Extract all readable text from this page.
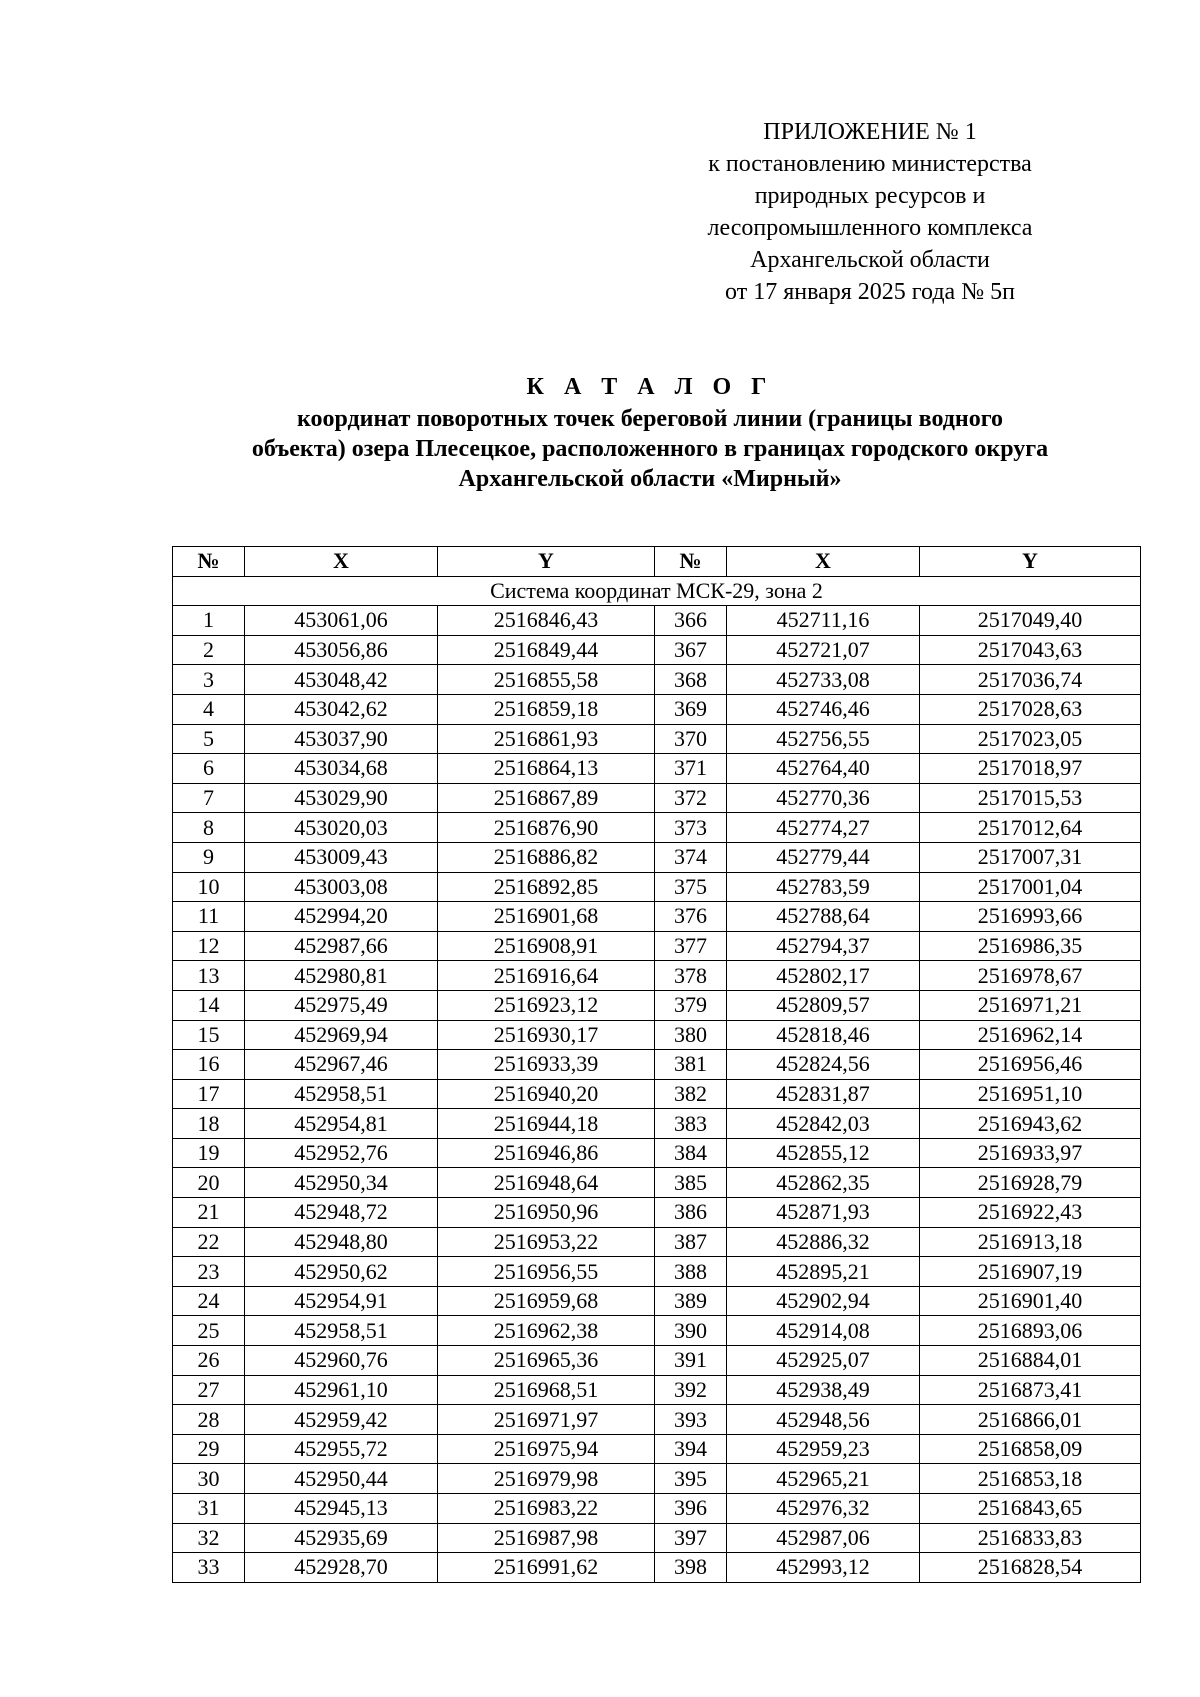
ПРИЛОЖЕНИЕ № 1
к постановлению министерства
природных ресурсов и
лесопромышленного комплекса
Архангельской области
от 17 января 2025 года № 5п
К А Т А Л О Г
координат поворотных точек береговой линии (границы водного
объекта) озера Плесецкое, расположенного в границах городского округа
Архангельской области «Мирный»
№	X	Y	№	X	Y
Система координат МСК-29, зона 2					
1	453061,06	2516846,43	366	452711,16	2517049,40
2	453056,86	2516849,44	367	452721,07	2517043,63
3	453048,42	2516855,58	368	452733,08	2517036,74
4	453042,62	2516859,18	369	452746,46	2517028,63
5	453037,90	2516861,93	370	452756,55	2517023,05
6	453034,68	2516864,13	371	452764,40	2517018,97
7	453029,90	2516867,89	372	452770,36	2517015,53
8	453020,03	2516876,90	373	452774,27	2517012,64
9	453009,43	2516886,82	374	452779,44	2517007,31
10	453003,08	2516892,85	375	452783,59	2517001,04
11	452994,20	2516901,68	376	452788,64	2516993,66
12	452987,66	2516908,91	377	452794,37	2516986,35
13	452980,81	2516916,64	378	452802,17	2516978,67
14	452975,49	2516923,12	379	452809,57	2516971,21
15	452969,94	2516930,17	380	452818,46	2516962,14
16	452967,46	2516933,39	381	452824,56	2516956,46
17	452958,51	2516940,20	382	452831,87	2516951,10
18	452954,81	2516944,18	383	452842,03	2516943,62
19	452952,76	2516946,86	384	452855,12	2516933,97
20	452950,34	2516948,64	385	452862,35	2516928,79
21	452948,72	2516950,96	386	452871,93	2516922,43
22	452948,80	2516953,22	387	452886,32	2516913,18
23	452950,62	2516956,55	388	452895,21	2516907,19
24	452954,91	2516959,68	389	452902,94	2516901,40
25	452958,51	2516962,38	390	452914,08	2516893,06
26	452960,76	2516965,36	391	452925,07	2516884,01
27	452961,10	2516968,51	392	452938,49	2516873,41
28	452959,42	2516971,97	393	452948,56	2516866,01
29	452955,72	2516975,94	394	452959,23	2516858,09
30	452950,44	2516979,98	395	452965,21	2516853,18
31	452945,13	2516983,22	396	452976,32	2516843,65
32	452935,69	2516987,98	397	452987,06	2516833,83
33	452928,70	2516991,62	398	452993,12	2516828,54
